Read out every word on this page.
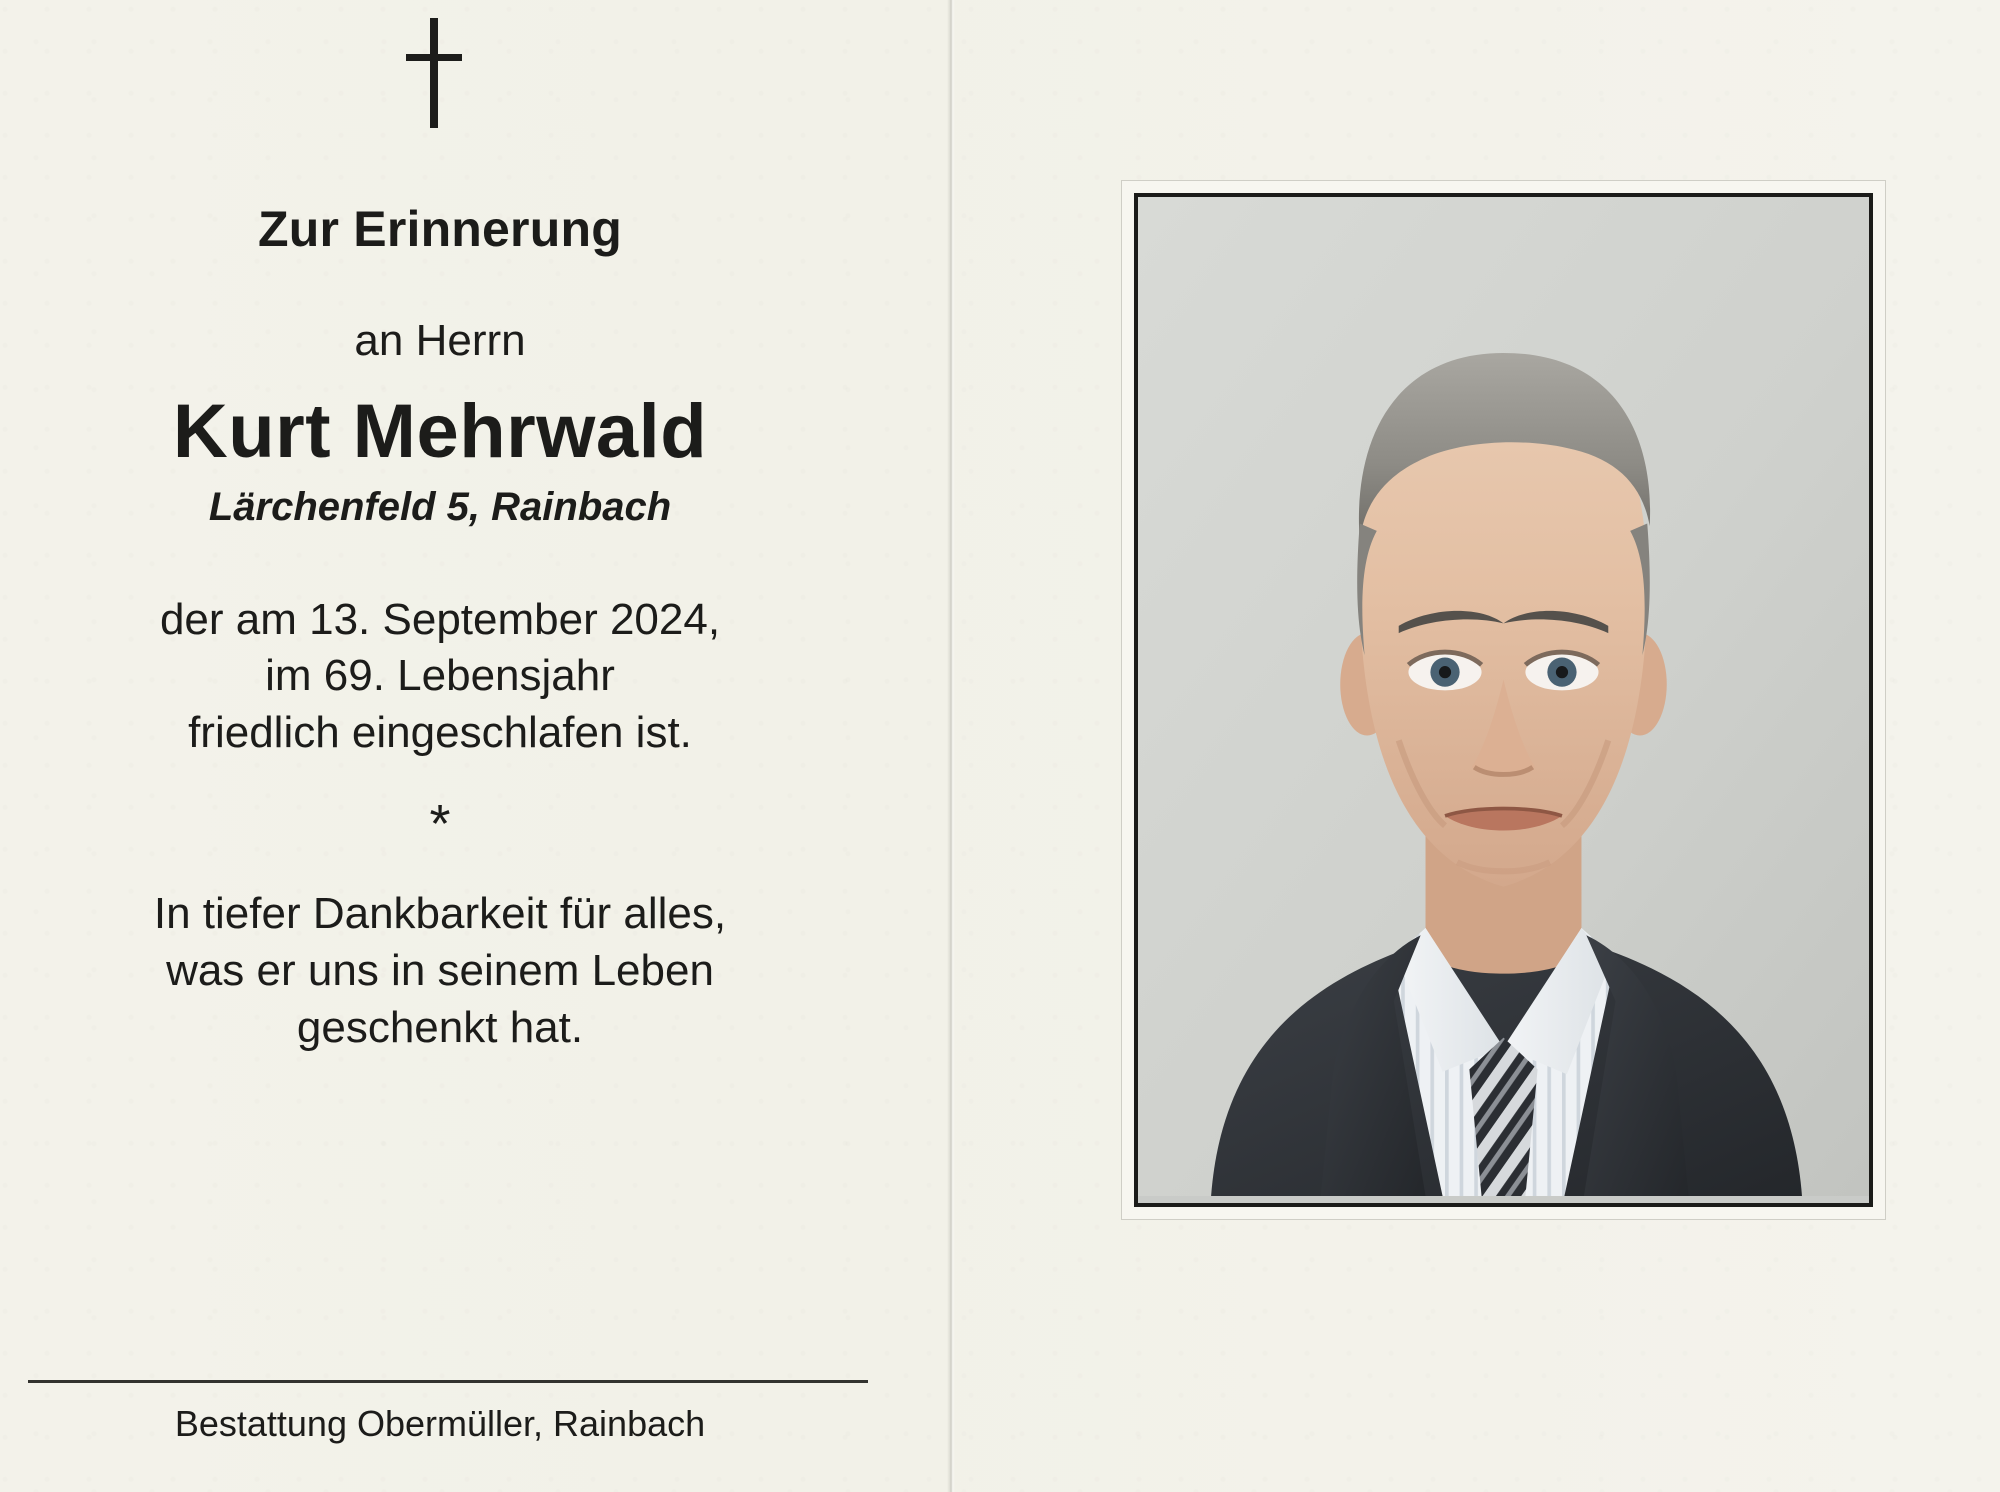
Zur Erinnerung
an Herrn
Kurt Mehrwald
Lärchenfeld 5, Rainbach
der am 13. September 2024,
im 69. Lebensjahr
friedlich eingeschlafen ist.
*
In tiefer Dankbarkeit für alles,
was er uns in seinem Leben
geschenkt hat.
Bestattung Obermüller, Rainbach
